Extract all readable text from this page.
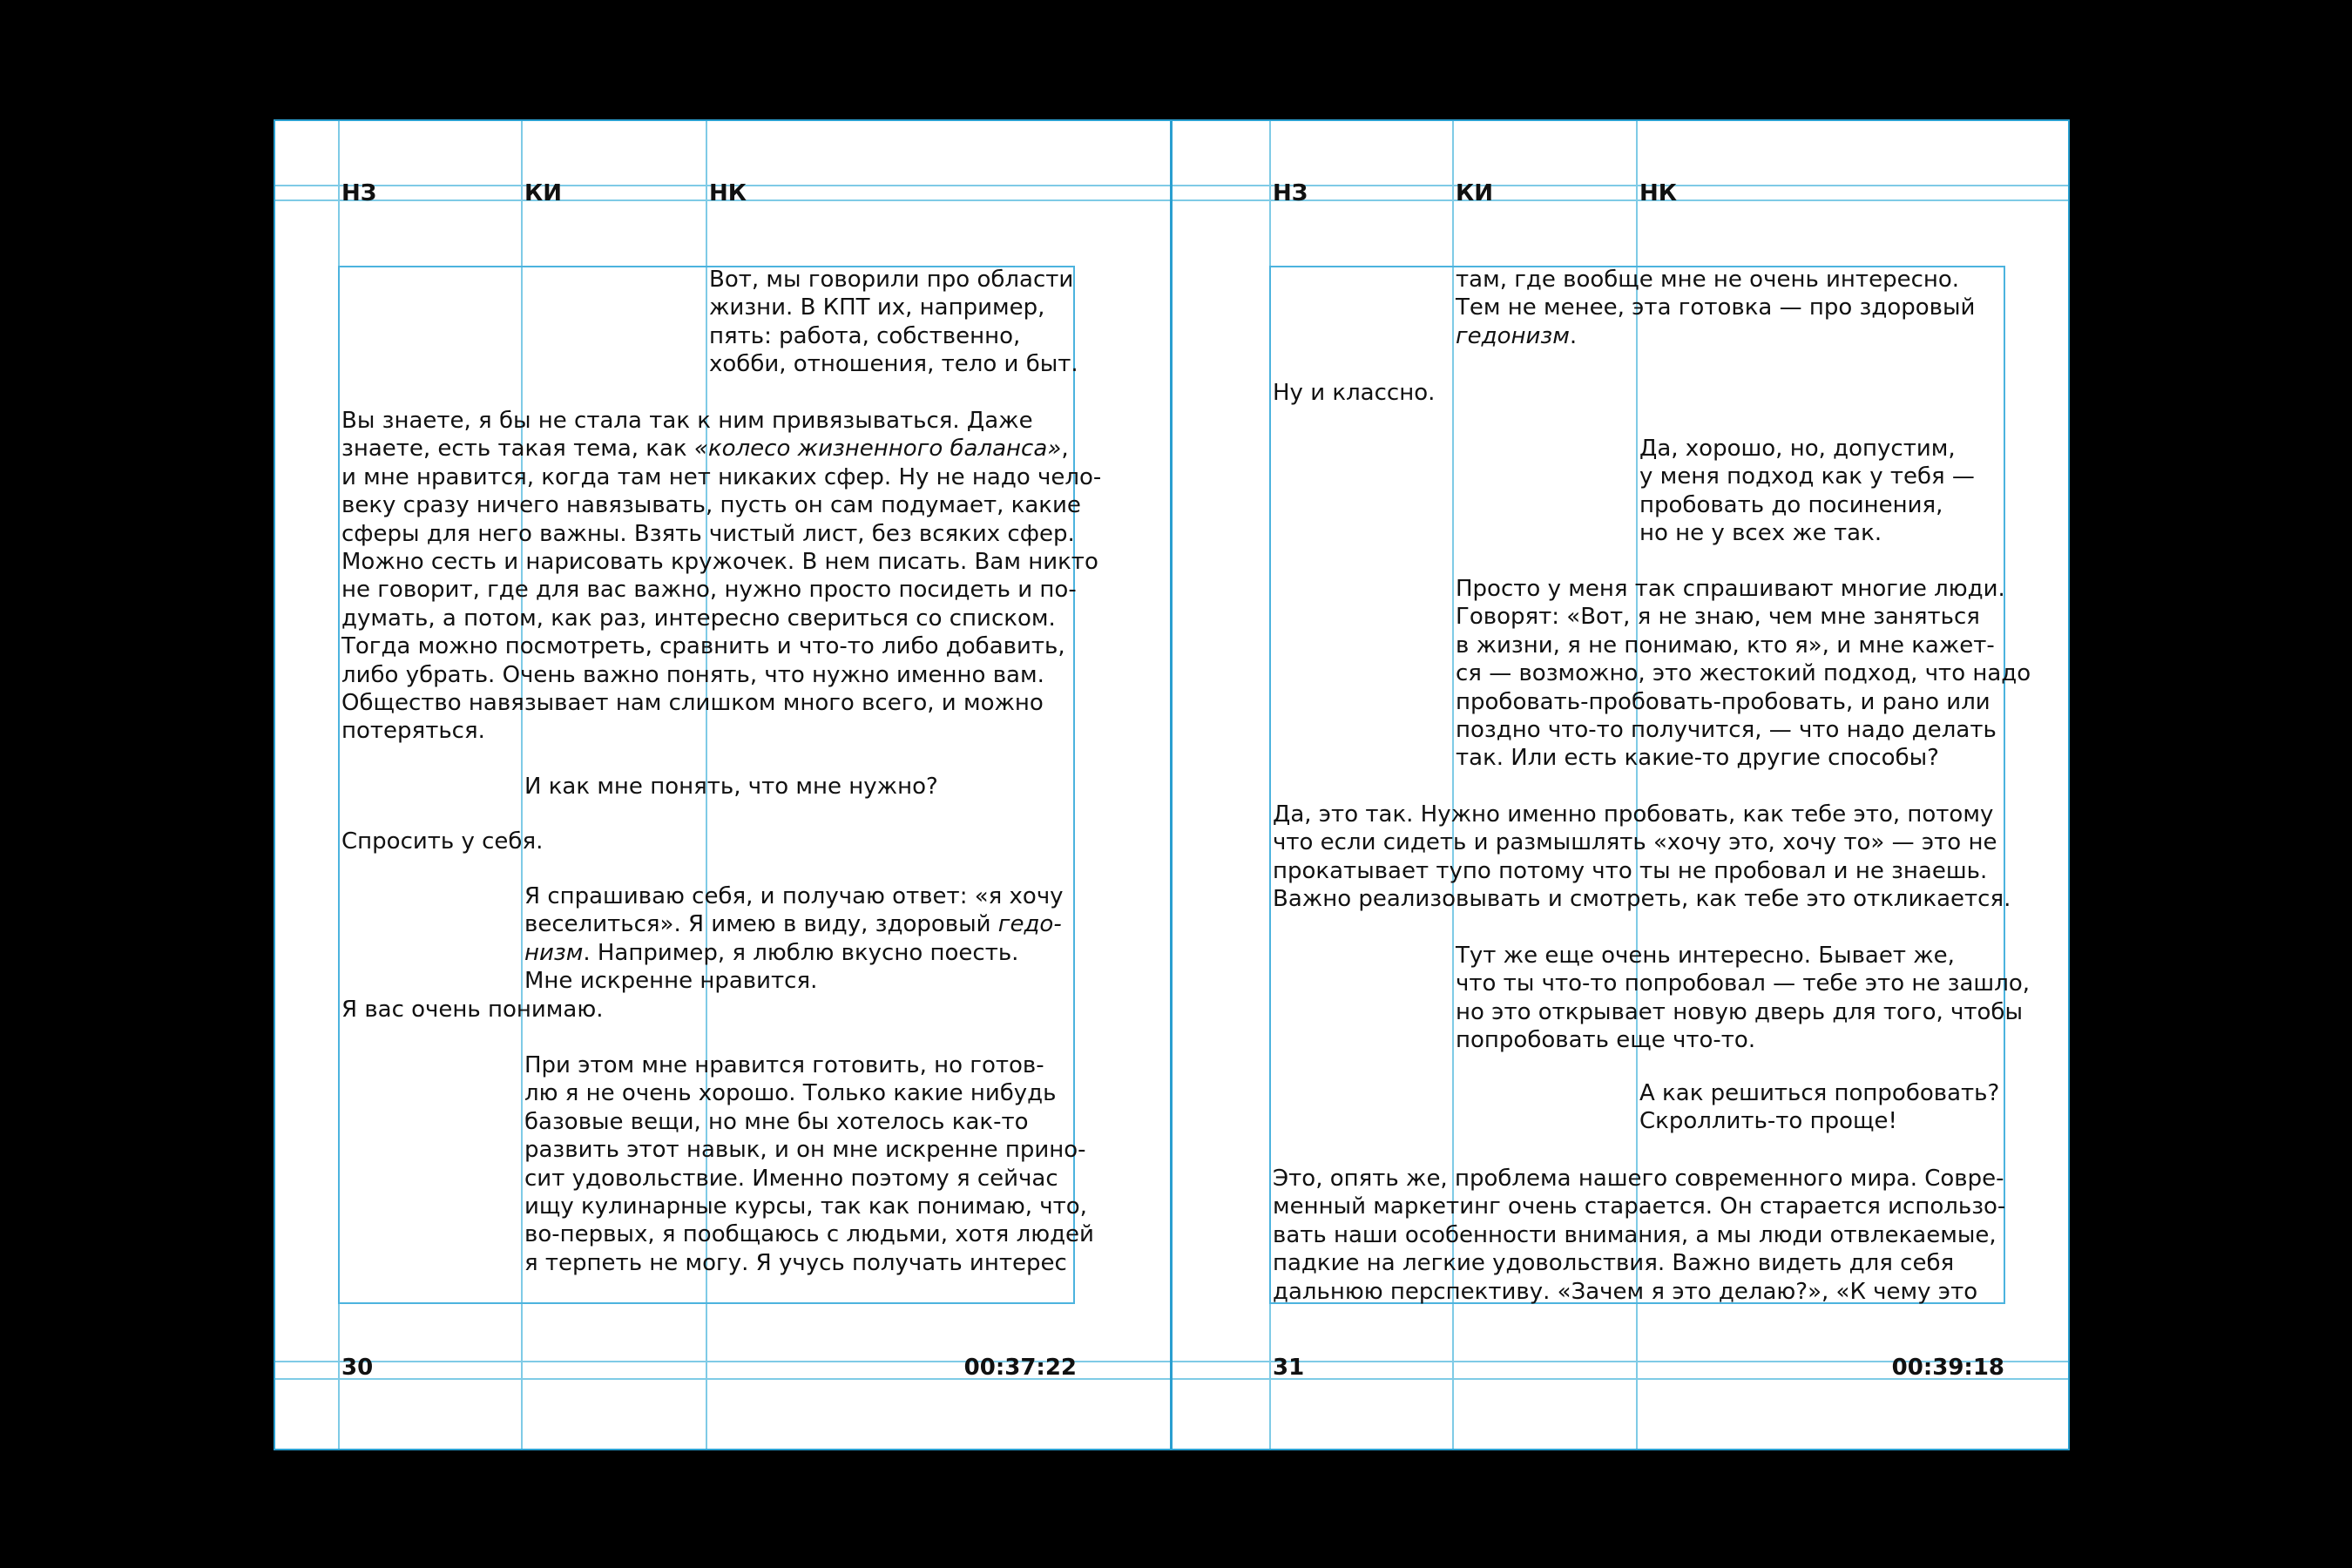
НЗ	КИ	НК
Вот, мы говорили про области
жизни. В КПТ их, например,
пять: работа, собственно,
хобби, отношения, тело и быт.
Вы знаете, я бы не стала так к ним привязываться. Даже
знаете, есть такая тема, как «колесо жизненного баланса»,
и мне нравится, когда там нет никаких сфер. Ну не надо чело-
веку сразу ничего навязывать, пусть он сам подумает, какие
сферы для него важны. Взять чистый лист, без всяких сфер.
Можно сесть и нарисовать кружочек. В нем писать. Вам никто
не говорит, где для вас важно, нужно просто посидеть и по-
думать, а потом, как раз, интересно свериться со списком.
Тогда можно посмотреть, сравнить и что-то либо добавить,
либо убрать. Очень важно понять, что нужно именно вам.
Общество навязывает нам слишком много всего, и можно
потеряться.
И как мне понять, что мне нужно?
Спросить у себя.
Я спрашиваю себя, и получаю ответ: «я хочу
веселиться». Я имею в виду, здоровый гедо-
низм. Например, я люблю вкусно поесть.
Мне искренне нравится.
Я вас очень понимаю.
При этом мне нравится готовить, но готов-
лю я не очень хорошо. Только какие нибудь
базовые вещи, но мне бы хотелось как-то
развить этот навык, и он мне искренне прино-
сит удовольствие. Именно поэтому я сейчас
ищу кулинарные курсы, так как понимаю, что,
во-первых, я пообщаюсь с людьми, хотя людей
я терпеть не могу. Я учусь получать интерес
30	00:37:22
НЗ	КИ	НК
там, где вообще мне не очень интересно.
Тем не менее, эта готовка — про здоровый
гедонизм.
Ну и классно.
Да, хорошо, но, допустим,
у меня подход как у тебя —
пробовать до посинения,
но не у всех же так.
Просто у меня так спрашивают многие люди.
Говорят: «Вот, я не знаю, чем мне заняться
в жизни, я не понимаю, кто я», и мне кажет-
ся — возможно, это жестокий подход, что надо
пробовать-пробовать-пробовать, и рано или
поздно что-то получится, — что надо делать
так. Или есть какие-то другие способы?
Да, это так. Нужно именно пробовать, как тебе это, потому
что если сидеть и размышлять «хочу это, хочу то» — это не
прокатывает тупо потому что ты не пробовал и не знаешь.
Важно реализовывать и смотреть, как тебе это откликается.
Тут же еще очень интересно. Бывает же,
что ты что-то попробовал — тебе это не зашло,
но это открывает новую дверь для того, чтобы
попробовать еще что-то.
А как решиться попробовать?
Скроллить-то проще!
Это, опять же, проблема нашего современного мира. Совре-
менный маркетинг очень старается. Он старается использо-
вать наши особенности внимания, а мы люди отвлекаемые,
падкие на легкие удовольствия. Важно видеть для себя
дальнюю перспективу. «Зачем я это делаю?», «К чему это
31	00:39:18
